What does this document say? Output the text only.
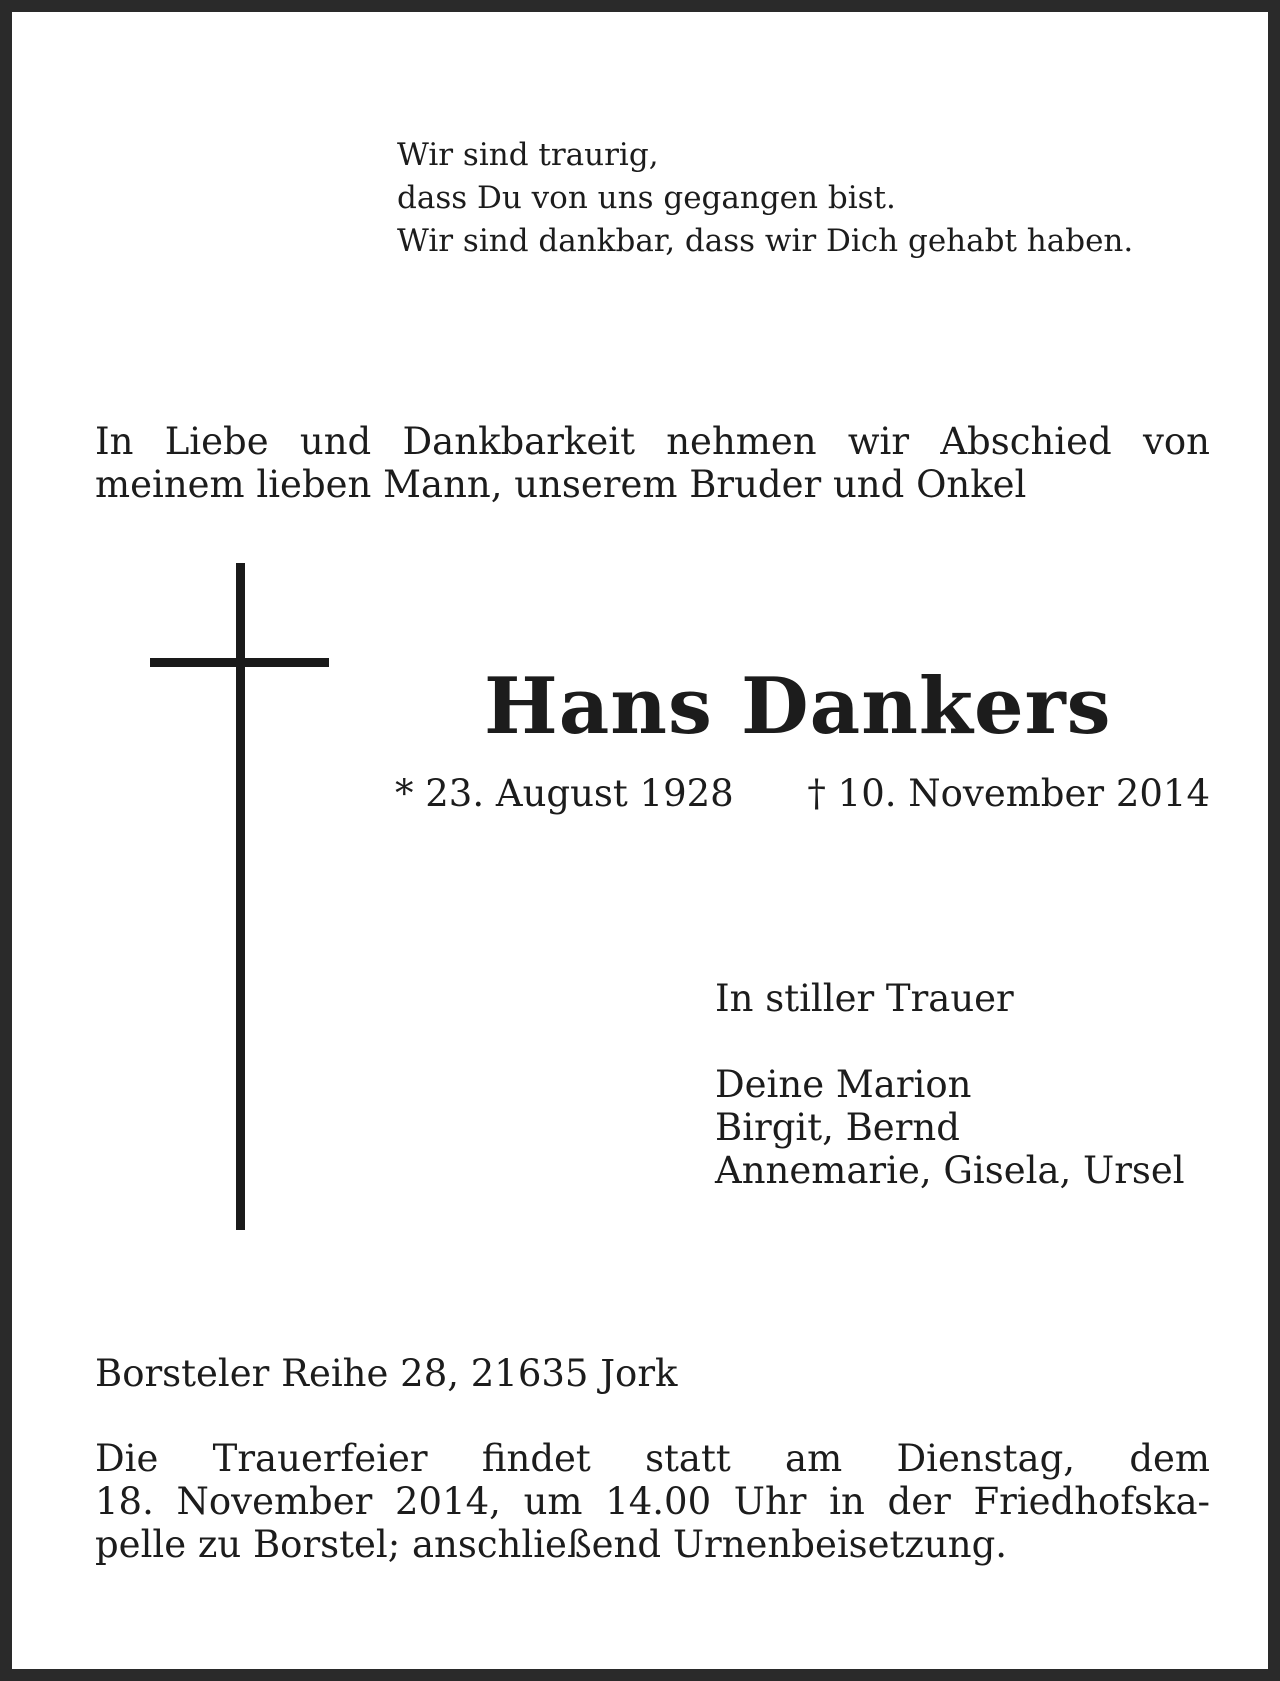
Wir sind traurig,
dass Du von uns gegangen bist.
Wir sind dankbar, dass wir Dich gehabt haben.
In Liebe und Dankbarkeit nehmen wir Abschied von
meinem lieben Mann, unserem Bruder und Onkel
Hans Dankers
* 23. August 1928 † 10. November 2014
In stiller Trauer
Deine Marion
Birgit, Bernd
Annemarie, Gisela, Ursel
Borsteler Reihe 28, 21635 Jork
Die Trauerfeier findet statt am Dienstag, dem
18. November 2014, um 14.00 Uhr in der Friedhofska-
pelle zu Borstel; anschließend Urnenbeisetzung.
